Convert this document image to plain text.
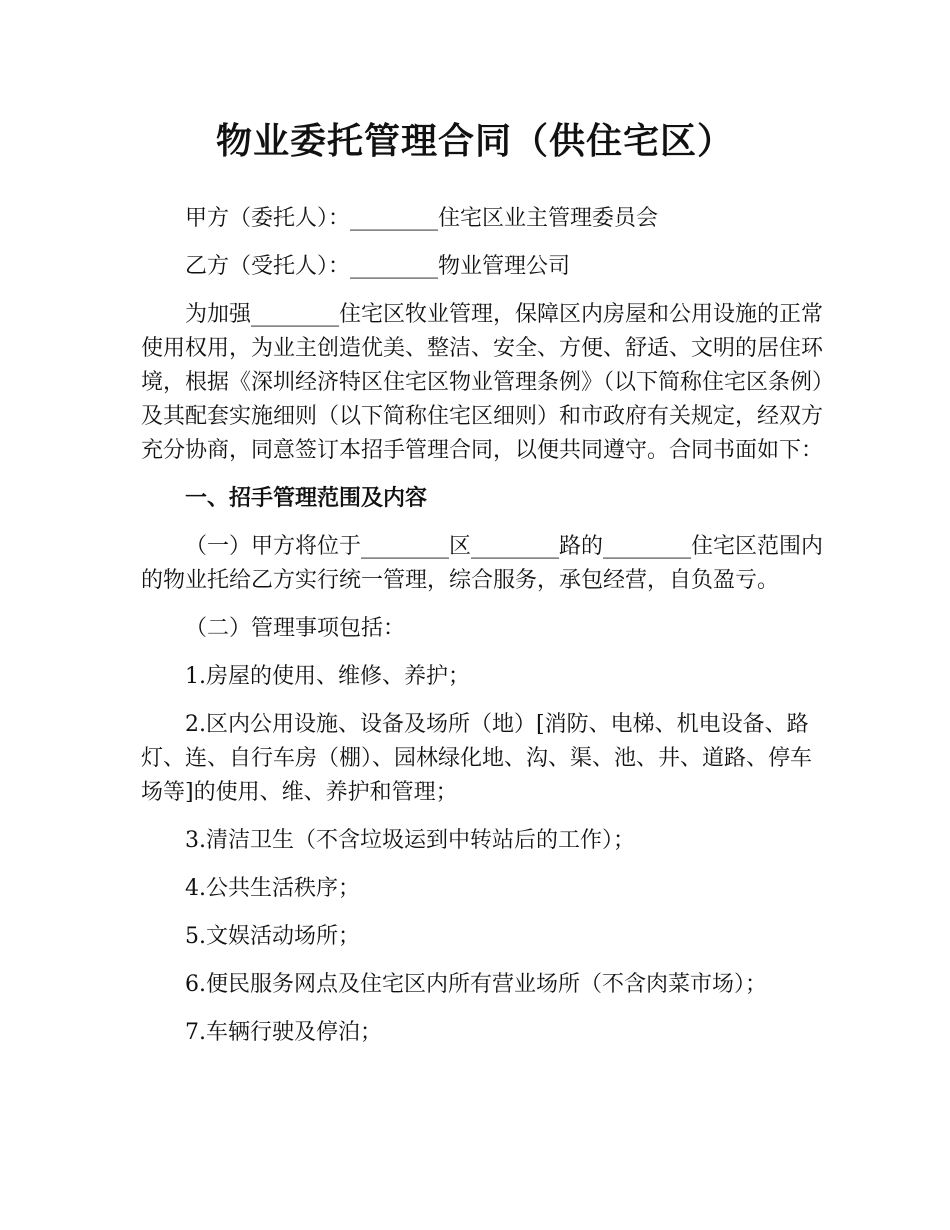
物业委托管理合同（供住宅区）

甲方（委托人）：________住宅区业主管理委员会

乙方（受托人）：________物业管理公司

为加强________住宅区牧业管理，保障区内房屋和公用设施的正常使用权用，为业主创造优美、整洁、安全、方便、舒适、文明的居住环境，根据《深圳经济特区住宅区物业管理条例》（以下简称住宅区条例）及其配套实施细则（以下简称住宅区细则）和市政府有关规定，经双方充分协商，同意签订本招手管理合同，以便共同遵守。合同书面如下：

一、招手管理范围及内容

（一）甲方将位于________区________路的________住宅区范围内的物业托给乙方实行统一管理，综合服务，承包经营，自负盈亏。

（二）管理事项包括：

1.房屋的使用、维修、养护；

2.区内公用设施、设备及场所（地）[消防、电梯、机电设备、路灯、连、自行车房（棚）、园林绿化地、沟、渠、池、井、道路、停车场等]的使用、维、养护和管理；

3.清洁卫生（不含垃圾运到中转站后的工作）；

4.公共生活秩序；

5.文娱活动场所；

6.便民服务网点及住宅区内所有营业场所（不含肉菜市场）；

7.车辆行驶及停泊；
